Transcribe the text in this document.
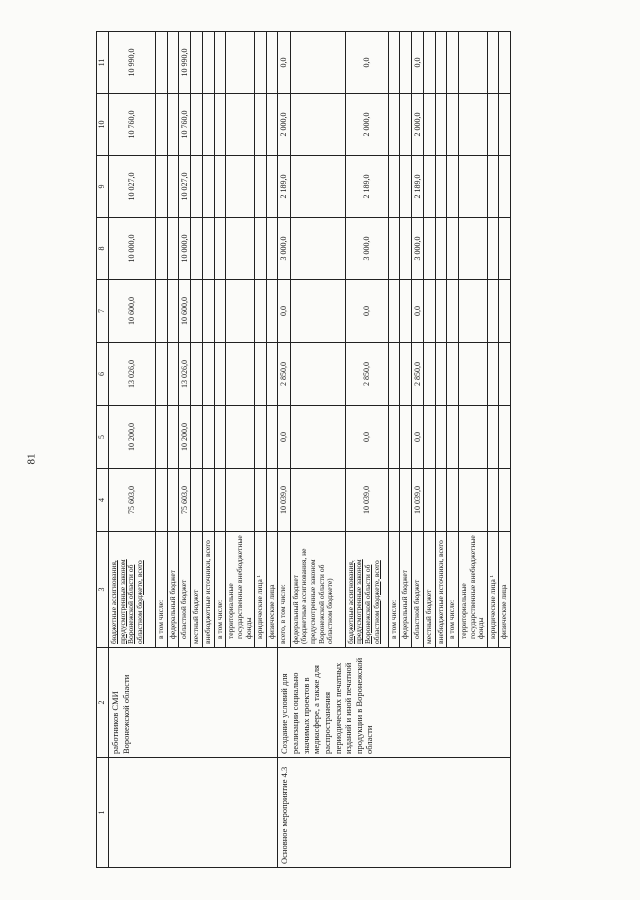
81
1	2	3	4	5	6	7	8	9	10	11
	работников СМИ Воронежской области	бюджетные ассигнования, предусмотренные законом Воронежской области об областном бюджете, всего	75 603,0	10 200,0	13 026,0	10 600,0	10 000,0	10 027,0	10 760,0	10 990,0
		в том числе:								
		федеральный бюджет								
		областной бюджет	75 603,0	10 200,0	13 026,0	10 600,0	10 000,0	10 027,0	10 760,0	10 990,0
		местный бюджет								
		внебюджетные источники, всего								
		в том числе:								
		территориальные государственные внебюджетные фонды								
		юридические лица ¹								
		физические лица								
Основное мероприятие 4.3	Создание условий для реализации социально значимых проектов в медиасфере, а также для распространения периодических печатных изданий и иной печатной продукции в Воронежской области	всего, в том числе:	10 039,0	0,0	2 850,0	0,0	3 000,0	2 189,0	2 000,0	0,0
		федеральный бюджет (бюджетные ассигнования, не предусмотренные законом Воронежской области об областном бюджете)								
		бюджетные ассигнования, предусмотренные законом Воронежской области об областном бюджете, всего	10 039,0	0,0	2 850,0	0,0	3 000,0	2 189,0	2 000,0	0,0
		в том числе:								
		федеральный бюджет								
		областной бюджет	10 039,0	0,0	2 850,0	0,0	3 000,0	2 189,0	2 000,0	0,0
		местный бюджет								
		внебюджетные источники, всего								
		в том числе:								
		территориальные государственные внебюджетные фонды								
		юридические лица ¹								
		физические лица								
